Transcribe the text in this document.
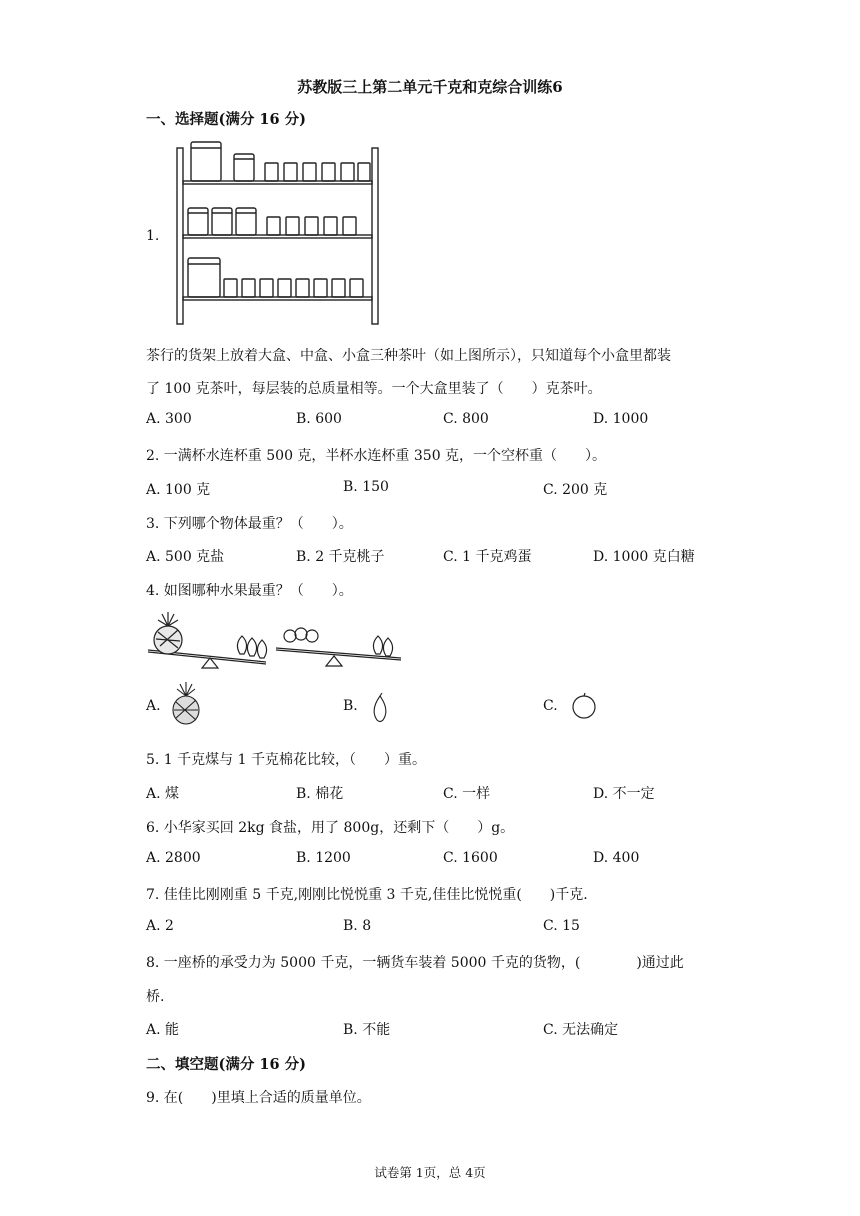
苏教版三上第二单元千克和克综合训练6
一、选择题(满分 16 分)
1.
茶行的货架上放着大盒、中盒、小盒三种茶叶（如上图所示），只知道每个小盒里都装
了 100 克茶叶，每层装的总质量相等。一个大盒里装了（　　）克茶叶。
A. 300	B. 600	C. 800	D. 1000
2. 一满杯水连杯重 500 克，半杯水连杯重 350 克，一个空杯重（　　）。
A. 100 克	B. 150	C. 200 克
3. 下列哪个物体最重？（　　）。
A. 500 克盐	B. 2 千克桃子	C. 1 千克鸡蛋	D. 1000 克白糖
4. 如图哪种水果最重？（　　）。
A.	B.	C.
5. 1 千克煤与 1 千克棉花比较，（　　）重。
A. 煤	B. 棉花	C. 一样	D. 不一定
6. 小华家买回 2kg 食盐，用了 800g，还剩下（　　）g。
A. 2800	B. 1200	C. 1600	D. 400
7. 佳佳比刚刚重 5 千克,刚刚比悦悦重 3 千克,佳佳比悦悦重(　　)千克.
A. 2	B. 8	C. 15
8. 一座桥的承受力为 5000 千克，一辆货车装着 5000 千克的货物，(　　　　)通过此
桥.
A. 能	B. 不能	C. 无法确定
二、填空题(满分 16 分)
9. 在(　　)里填上合适的质量单位。
试卷第 1页，总 4页
